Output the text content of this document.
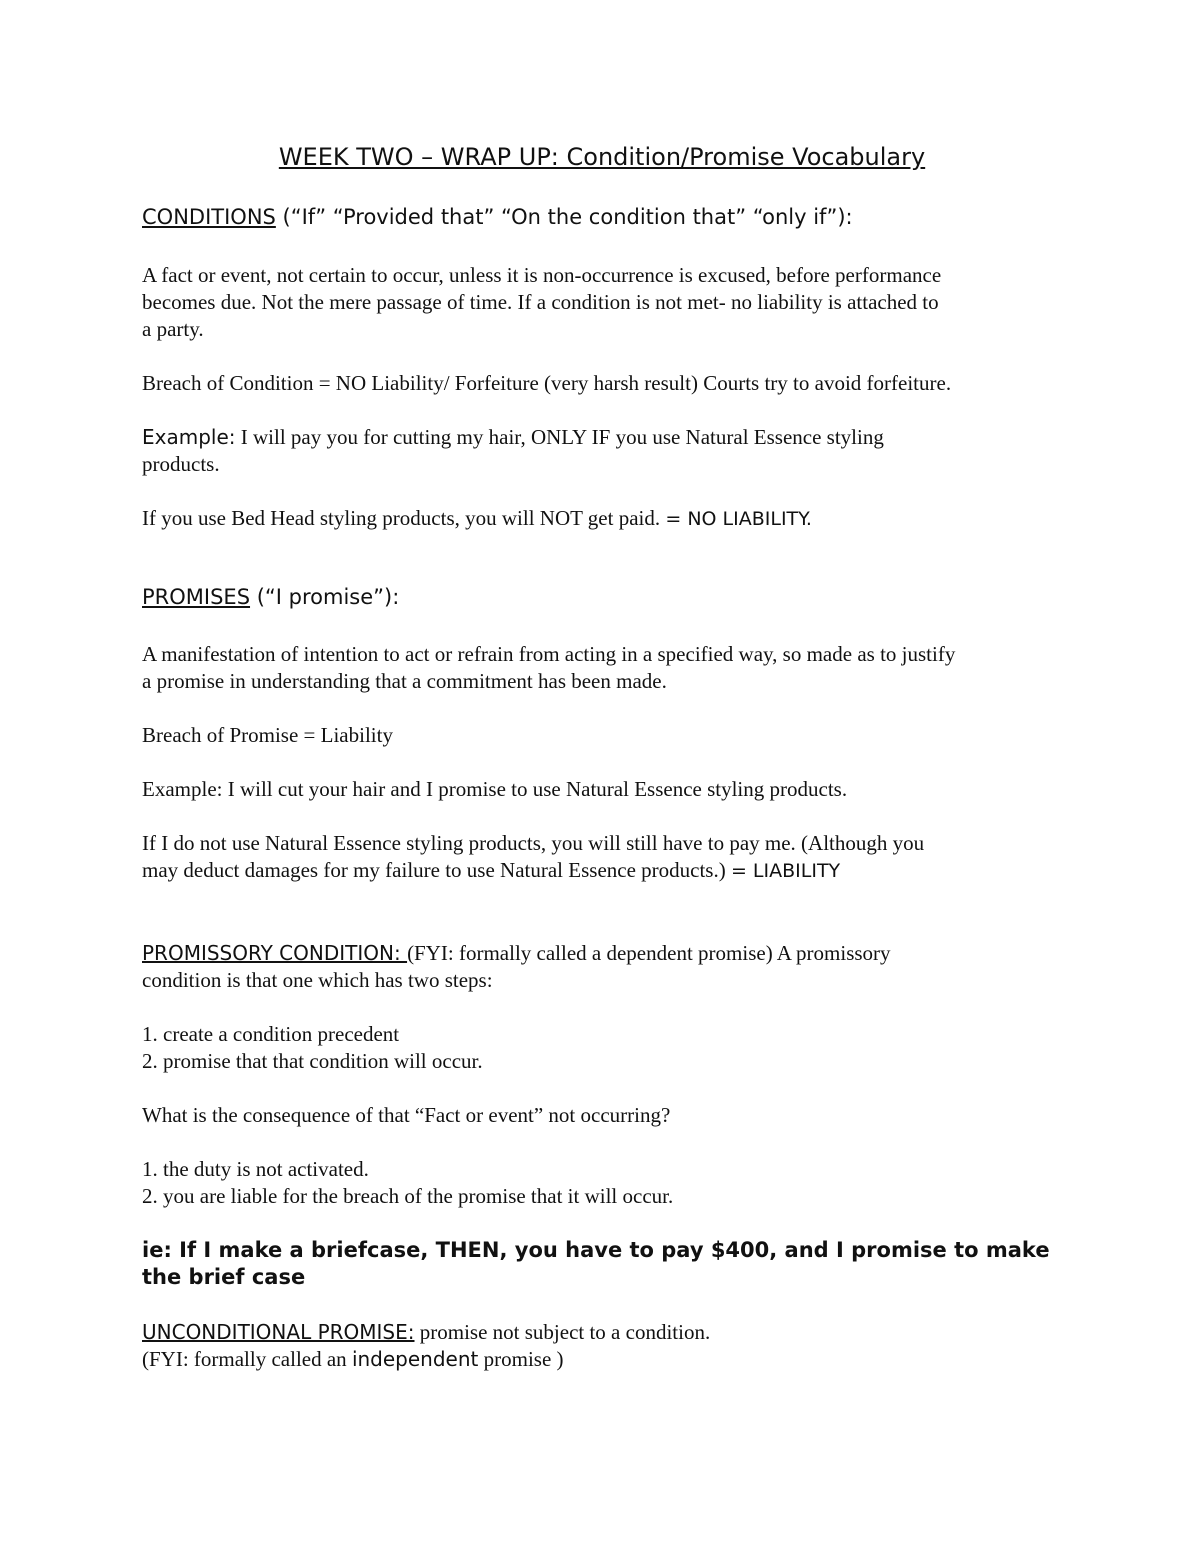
WEEK TWO – WRAP UP: Condition/Promise Vocabulary
CONDITIONS (“If” “Provided that” “On the condition that” “only if”):

A fact or event, not certain to occur, unless it is non-occurrence is excused, before performance

becomes due. Not the mere passage of time. If a condition is not met- no liability is attached to

a party.

Breach of Condition = NO Liability/ Forfeiture (very harsh result) Courts try to avoid forfeiture.

Example: I will pay you for cutting my hair, ONLY IF you use Natural Essence styling

products.

If you use Bed Head styling products, you will NOT get paid. = NO LIABILITY.

PROMISES (“I promise”):

A manifestation of intention to act or refrain from acting in a specified way, so made as to justify

a promise in understanding that a commitment has been made.

Breach of Promise = Liability

Example: I will cut your hair and I promise to use Natural Essence styling products.

If I do not use Natural Essence styling products, you will still have to pay me. (Although you

may deduct damages for my failure to use Natural Essence products.) = LIABILITY

PROMISSORY CONDITION: (FYI: formally called a dependent promise) A promissory

condition is that one which has two steps:

1. create a condition precedent

2. promise that that condition will occur.

What is the consequence of that “Fact or event” not occurring?

1. the duty is not activated.

2. you are liable for the breach of the promise that it will occur.

ie: If I make a briefcase, THEN, you have to pay $400, and I promise to make

the brief case

UNCONDITIONAL PROMISE: promise not subject to a condition.

(FYI: formally called an independent promise )
